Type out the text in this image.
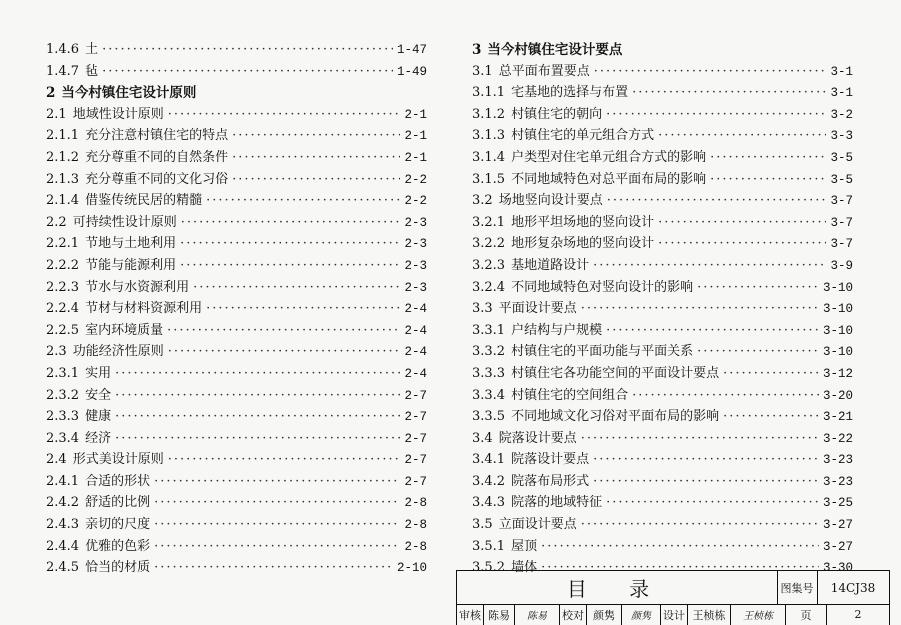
1.4.6 土 ·····	1-47
1.4.7 毡 ·····	1-49
2 当今村镇住宅设计原则
2.1 地域性设计原则 ·····	2-1
2.1.1 充分注意村镇住宅的特点 ·····	2-1
2.1.2 充分尊重不同的自然条件 ·····	2-1
2.1.3 充分尊重不同的文化习俗 ·····	2-2
2.1.4 借鉴传统民居的精髓 ·····	2-2
2.2 可持续性设计原则 ·····	2-3
2.2.1 节地与土地利用 ·····	2-3
2.2.2 节能与能源利用 ·····	2-3
2.2.3 节水与水资源利用 ·····	2-3
2.2.4 节材与材料资源利用 ·····	2-4
2.2.5 室内环境质量 ·····	2-4
2.3 功能经济性原则 ·····	2-4
2.3.1 实用 ·····	2-4
2.3.2 安全 ·····	2-7
2.3.3 健康 ·····	2-7
2.3.4 经济 ·····	2-7
2.4 形式美设计原则 ·····	2-7
2.4.1 合适的形状 ·····	2-7
2.4.2 舒适的比例 ·····	2-8
2.4.3 亲切的尺度 ·····	2-8
2.4.4 优雅的色彩 ·····	2-8
2.4.5 恰当的材质 ·····	2-10
3 当今村镇住宅设计要点
3.1 总平面布置要点 ·····	3-1
3.1.1 宅基地的选择与布置 ·····	3-1
3.1.2 村镇住宅的朝向 ·····	3-2
3.1.3 村镇住宅的单元组合方式 ·····	3-3
3.1.4 户类型对住宅单元组合方式的影响 ·····	3-5
3.1.5 不同地域特色对总平面布局的影响 ·····	3-5
3.2 场地竖向设计要点 ·····	3-7
3.2.1 地形平坦场地的竖向设计 ·····	3-7
3.2.2 地形复杂场地的竖向设计 ·····	3-7
3.2.3 基地道路设计 ·····	3-9
3.2.4 不同地域特色对竖向设计的影响 ·····	3-10
3.3 平面设计要点 ·····	3-10
3.3.1 户结构与户规模 ·····	3-10
3.3.2 村镇住宅的平面功能与平面关系 ·····	3-10
3.3.3 村镇住宅各功能空间的平面设计要点 ·····	3-12
3.3.4 村镇住宅的空间组合 ·····	3-20
3.3.5 不同地域文化习俗对平面布局的影响 ·····	3-21
3.4 院落设计要点 ·····	3-22
3.4.1 院落设计要点 ·····	3-23
3.4.2 院落布局形式 ·····	3-23
3.4.3 院落的地域特征 ·····	3-25
3.5 立面设计要点 ·····	3-27
3.5.1 屋顶 ·····	3-27
3.5.2 墙体 ·····	3-30
目 录	图集号	14CJ38
审核 陈易	陈易	校对 颜隽	颜隽	设计 王桢栋	王桢栋	页	2
